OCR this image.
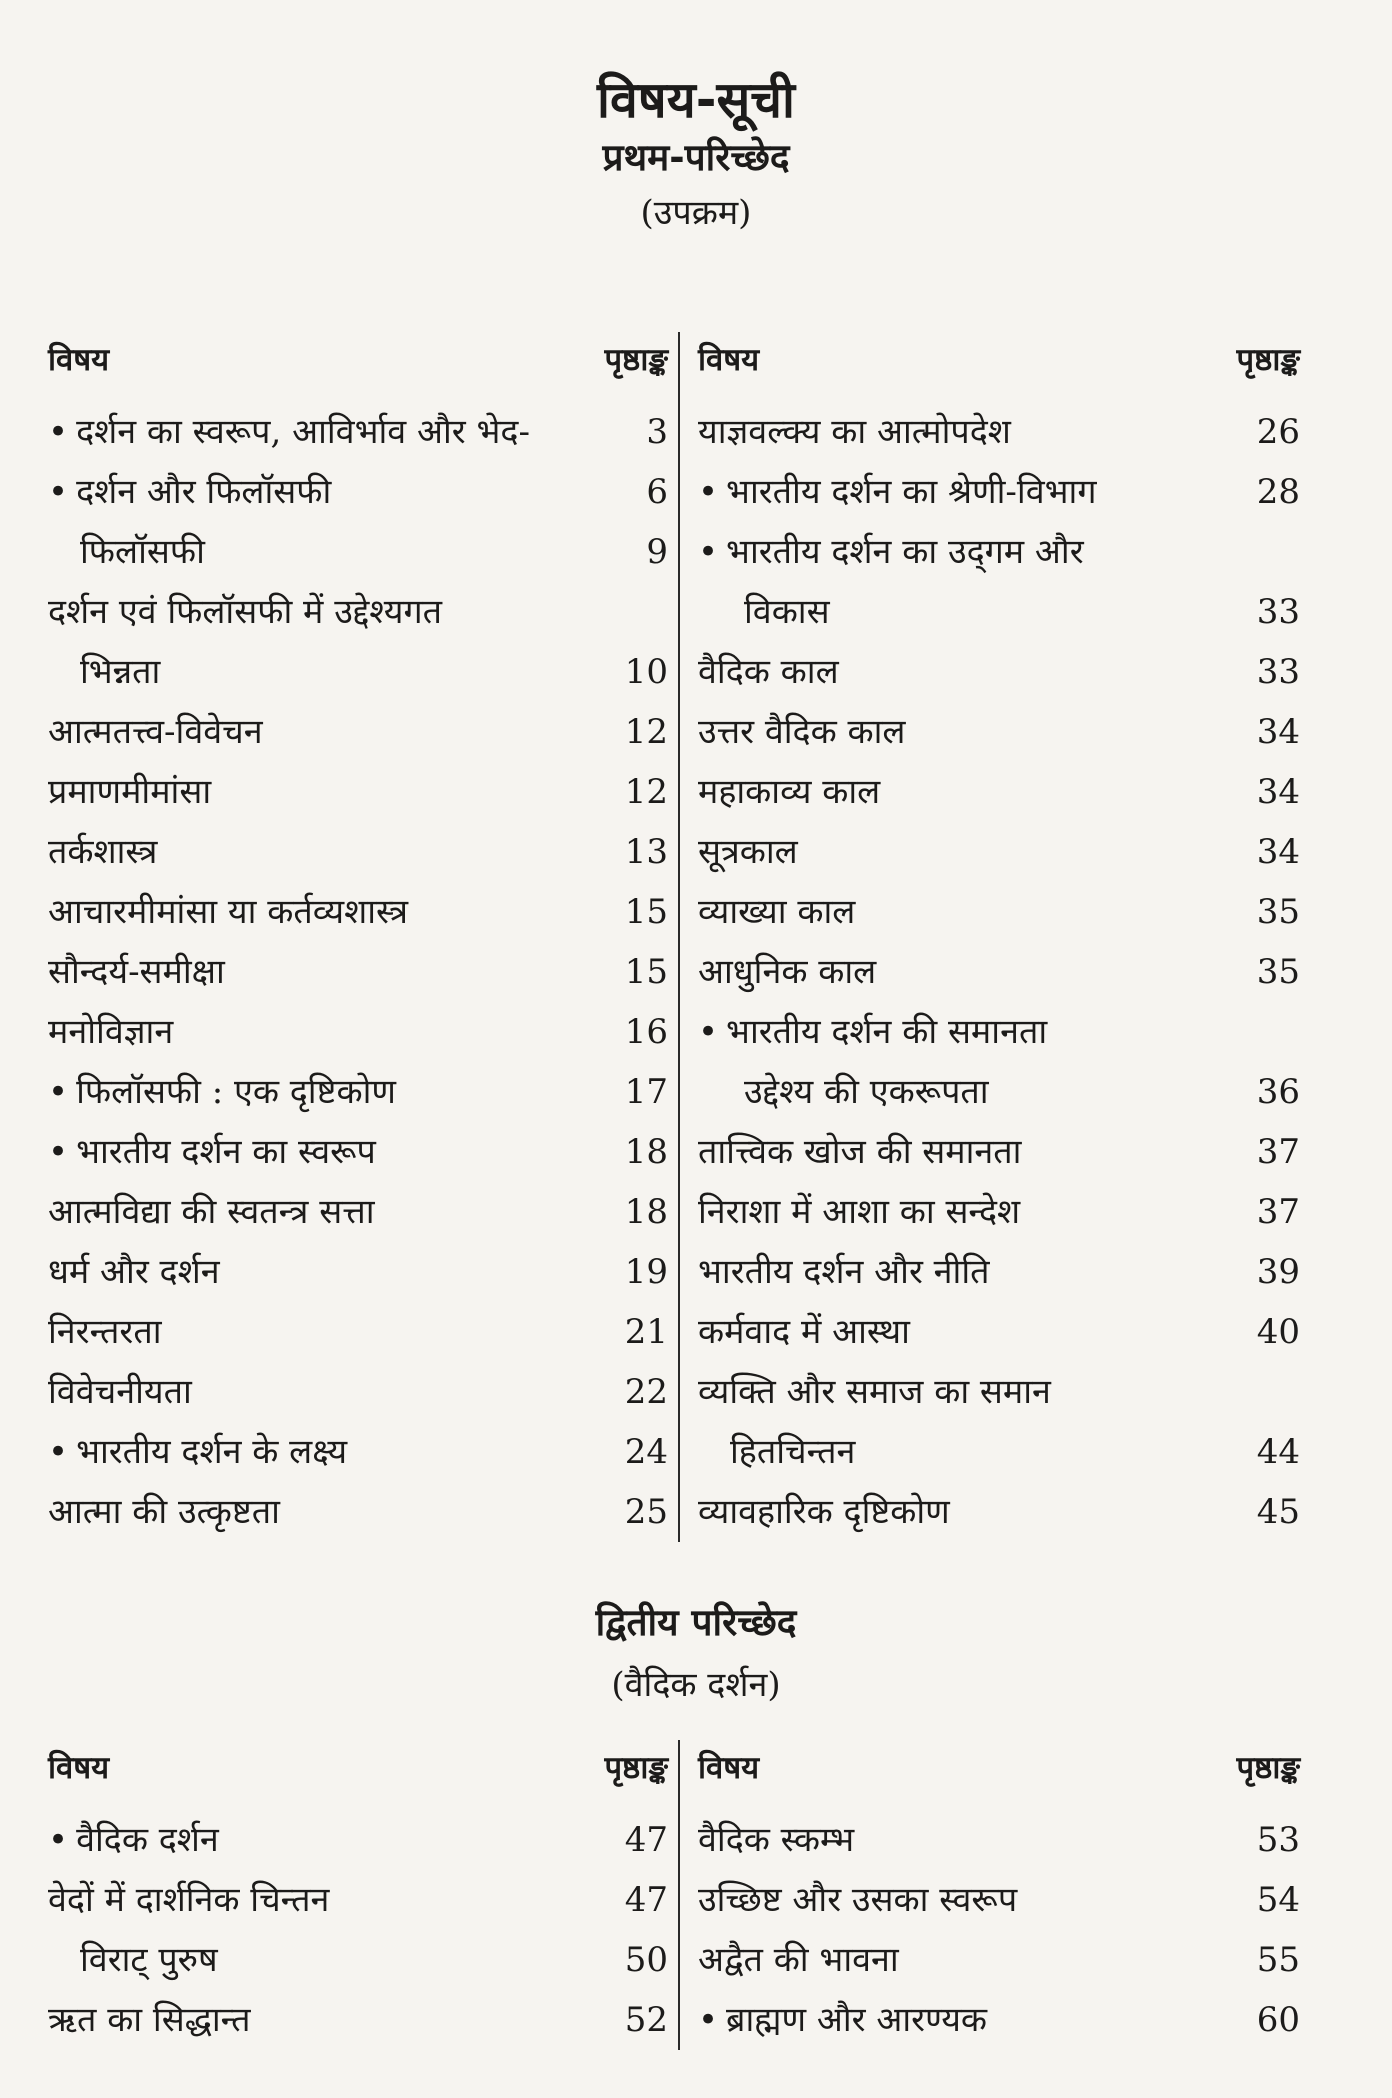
विषय-सूची
प्रथम-परिच्छेद
(उपक्रम)
विषय	पृष्ठाङ्क
• दर्शन का स्वरूप, आविर्भाव और भेद-	3
• दर्शन और फिलॉसफी	6
फिलॉसफी	9
दर्शन एवं फिलॉसफी में उद्देश्यगत
भिन्नता	10
आत्मतत्त्व-विवेचन	12
प्रमाणमीमांसा	12
तर्कशास्त्र	13
आचारमीमांसा या कर्तव्यशास्त्र	15
सौन्दर्य-समीक्षा	15
मनोविज्ञान	16
• फिलॉसफी : एक दृष्टिकोण	17
• भारतीय दर्शन का स्वरूप	18
आत्मविद्या की स्वतन्त्र सत्ता	18
धर्म और दर्शन	19
निरन्तरता	21
विवेचनीयता	22
• भारतीय दर्शन के लक्ष्य	24
आत्मा की उत्कृष्टता	25
विषय	पृष्ठाङ्क
याज्ञवल्क्य का आत्मोपदेश	26
• भारतीय दर्शन का श्रेणी-विभाग	28
• भारतीय दर्शन का उद्‌गम और
विकास	33
वैदिक काल	33
उत्तर वैदिक काल	34
महाकाव्य काल	34
सूत्रकाल	34
व्याख्या काल	35
आधुनिक काल	35
• भारतीय दर्शन की समानता
उद्देश्य की एकरूपता	36
तात्त्विक खोज की समानता	37
निराशा में आशा का सन्देश	37
भारतीय दर्शन और नीति	39
कर्मवाद में आस्था	40
व्यक्ति और समाज का समान
हितचिन्तन	44
व्यावहारिक दृष्टिकोण	45
द्वितीय परिच्छेद
(वैदिक दर्शन)
विषय	पृष्ठाङ्क
• वैदिक दर्शन	47
वेदों में दार्शनिक चिन्तन	47
विराट् पुरुष	50
ऋत का सिद्धान्त	52
विषय	पृष्ठाङ्क
वैदिक स्कम्भ	53
उच्छिष्ट और उसका स्वरूप	54
अद्वैत की भावना	55
• ब्राह्मण और आरण्यक	60
